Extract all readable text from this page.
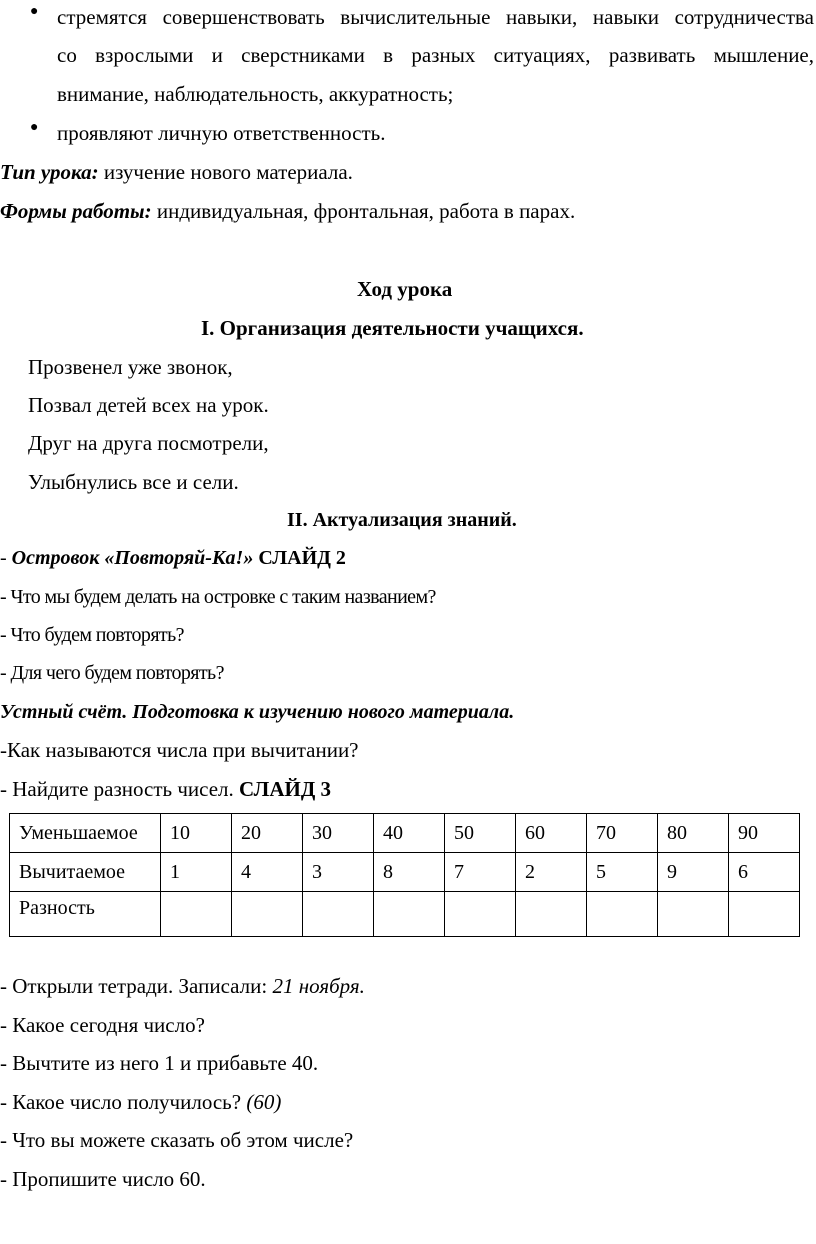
● стремятся совершенствовать вычислительные навыки, навыки сотрудничества
со взрослыми и сверстниками в разных ситуациях, развивать мышление,
внимание, наблюдательность, аккуратность;
● проявляют личную ответственность.
Тип урока: изучение нового материала.
Формы работы: индивидуальная, фронтальная, работа в парах.
Ход урока
I. Организация деятельности учащихся.
Прозвенел уже звонок,
Позвал детей всех на урок.
Друг на друга посмотрели,
Улыбнулись все и сели.
II. Актуализация знаний.
- Островок «Повторяй-Ка!» СЛАЙД 2
- Что мы будем делать на островке с таким названием?
- Что будем повторять?
- Для чего будем повторять?
Устный счёт. Подготовка к изучению нового материала.
-Как называются числа при вычитании?
- Найдите разность чисел. СЛАЙД 3
Уменьшаемое	10	20	30	40	50	60	70	80	90
Вычитаемое	1	4	3	8	7	2	5	9	6
Разность									
- Открыли тетради. Записали: 21 ноября.
- Какое сегодня число?
- Вычтите из него 1 и прибавьте 40.
- Какое число получилось? (60)
- Что вы можете сказать об этом числе?
- Пропишите число 60.
